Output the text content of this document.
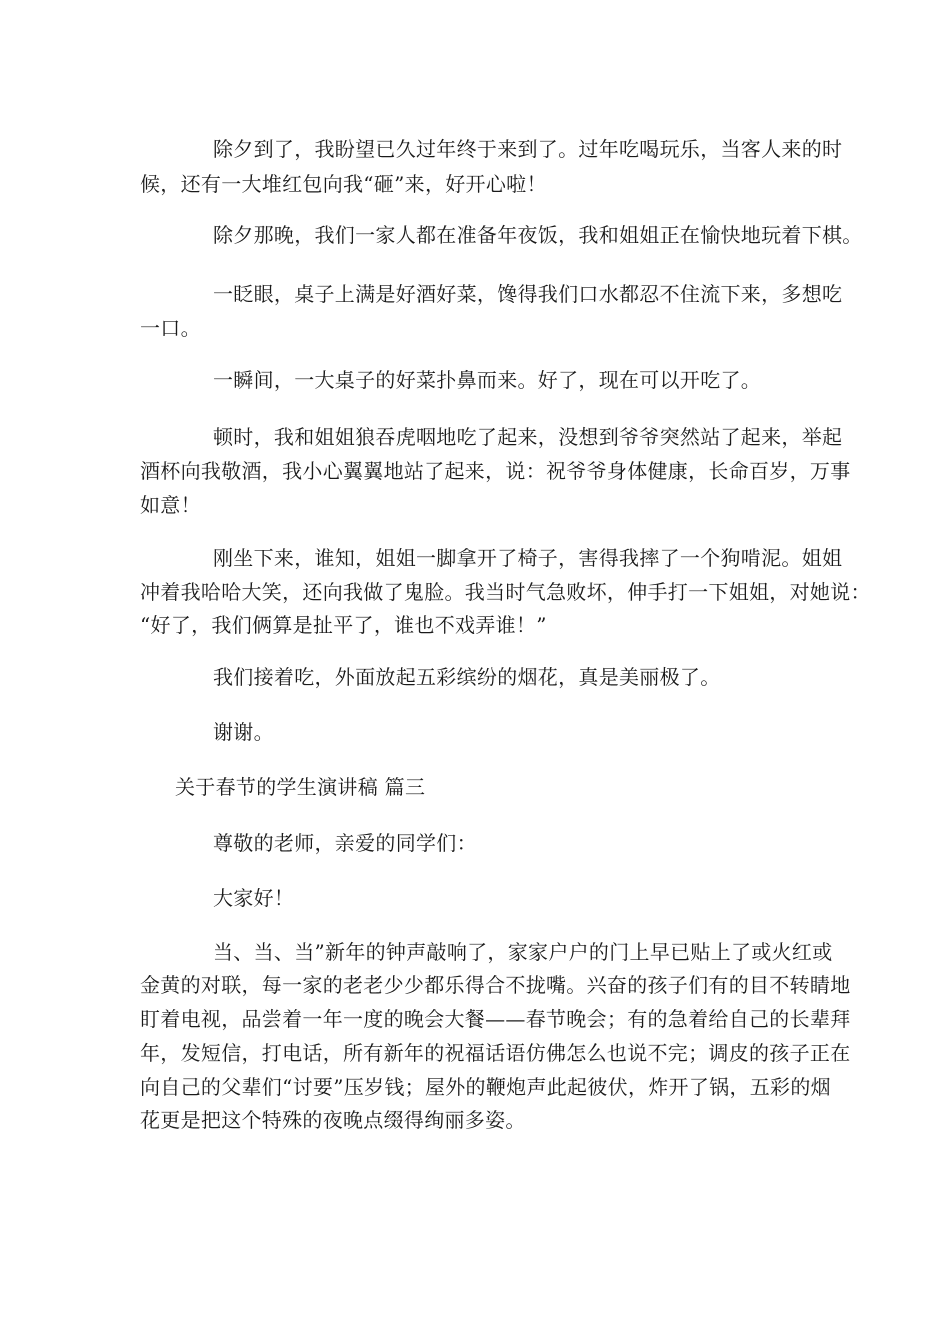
除夕到了，我盼望已久过年终于来到了。过年吃喝玩乐，当客人来的时
候，还有一大堆红包向我“砸”来，好开心啦！
除夕那晚，我们一家人都在准备年夜饭，我和姐姐正在愉快地玩着下棋。
一眨眼，桌子上满是好酒好菜，馋得我们口水都忍不住流下来，多想吃
一口。
一瞬间，一大桌子的好菜扑鼻而来。好了，现在可以开吃了。
顿时，我和姐姐狼吞虎咽地吃了起来，没想到爷爷突然站了起来，举起
酒杯向我敬酒，我小心翼翼地站了起来，说：祝爷爷身体健康，长命百岁，万事
如意！
刚坐下来，谁知，姐姐一脚拿开了椅子，害得我摔了一个狗啃泥。姐姐
冲着我哈哈大笑，还向我做了鬼脸。我当时气急败坏，伸手打一下姐姐，对她说：
“好了，我们俩算是扯平了，谁也不戏弄谁！”
我们接着吃，外面放起五彩缤纷的烟花，真是美丽极了。
谢谢。
关于春节的学生演讲稿 篇三
尊敬的老师，亲爱的同学们：
大家好！
当、当、当”新年的钟声敲响了，家家户户的门上早已贴上了或火红或
金黄的对联，每一家的老老少少都乐得合不拢嘴。兴奋的孩子们有的目不转睛地
盯着电视，品尝着一年一度的晚会大餐——春节晚会；有的急着给自己的长辈拜
年，发短信，打电话，所有新年的祝福话语仿佛怎么也说不完；调皮的孩子正在
向自己的父辈们“讨要”压岁钱；屋外的鞭炮声此起彼伏，炸开了锅，五彩的烟
花更是把这个特殊的夜晚点缀得绚丽多姿。
